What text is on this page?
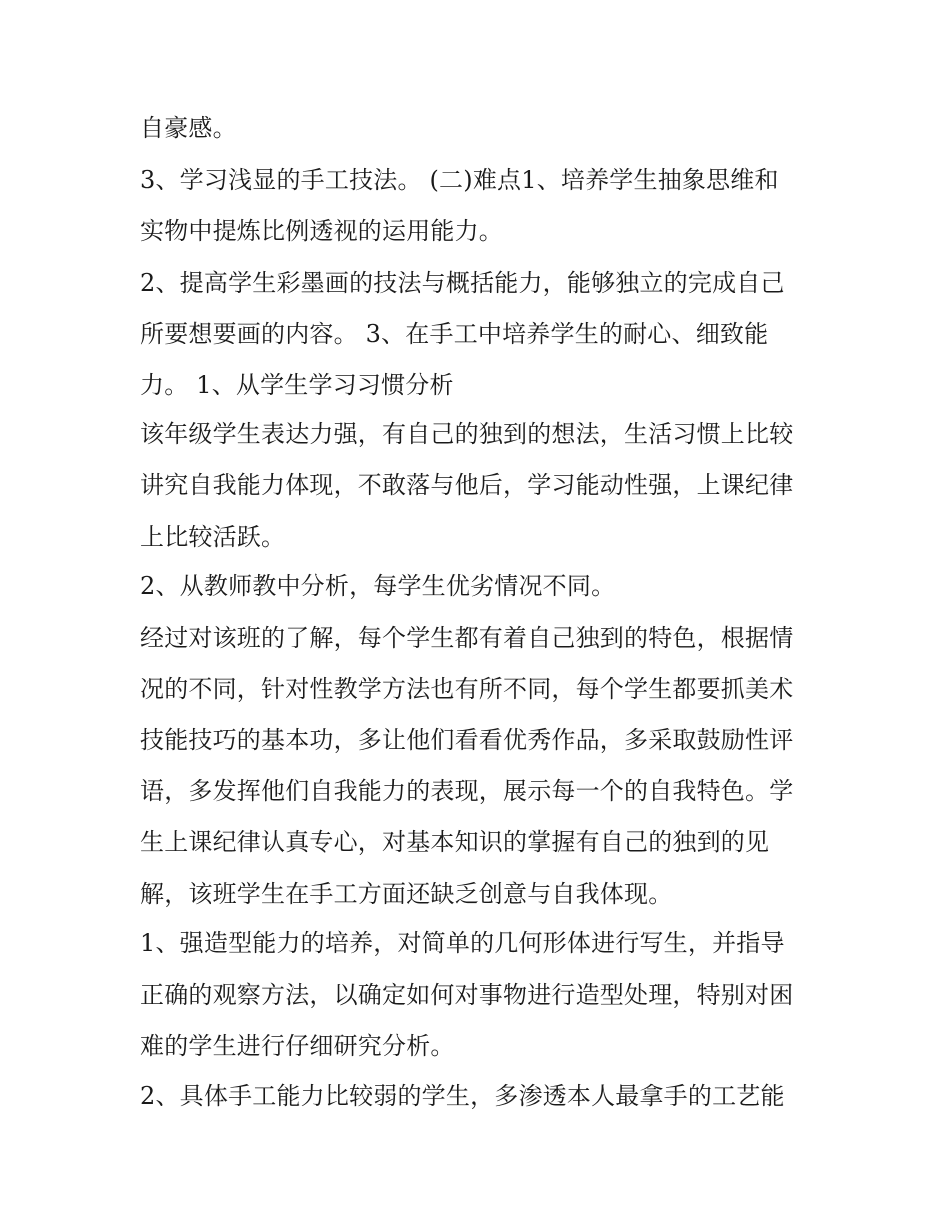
自豪感。
3、学习浅显的手工技法。 (二)难点1、培养学生抽象思维和
实物中提炼比例透视的运用能力。
2、提高学生彩墨画的技法与概括能力，能够独立的完成自己
所要想要画的内容。 3、在手工中培养学生的耐心、细致能
力。 1、从学生学习习惯分析
该年级学生表达力强，有自己的独到的想法，生活习惯上比较
讲究自我能力体现，不敢落与他后，学习能动性强，上课纪律
上比较活跃。
2、从教师教中分析，每学生优劣情况不同。
经过对该班的了解，每个学生都有着自己独到的特色，根据情
况的不同，针对性教学方法也有所不同，每个学生都要抓美术
技能技巧的基本功，多让他们看看优秀作品，多采取鼓励性评
语，多发挥他们自我能力的表现，展示每一个的自我特色。学
生上课纪律认真专心，对基本知识的掌握有自己的独到的见
解，该班学生在手工方面还缺乏创意与自我体现。
1、强造型能力的培养，对简单的几何形体进行写生，并指导
正确的观察方法，以确定如何对事物进行造型处理，特别对困
难的学生进行仔细研究分析。
2、具体手工能力比较弱的学生，多渗透本人最拿手的工艺能
